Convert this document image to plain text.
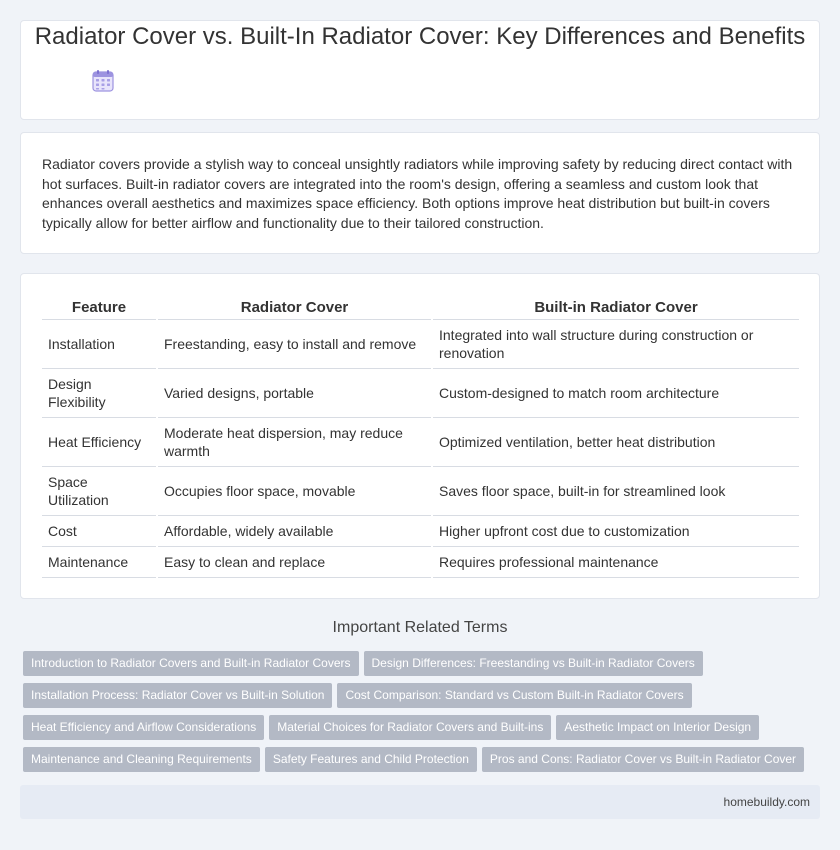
Radiator Cover vs. Built-In Radiator Cover: Key Differences and Benefits

Radiator covers provide a stylish way to conceal unsightly radiators while improving safety by reducing direct contact with hot surfaces. Built-in radiator covers are integrated into the room's design, offering a seamless and custom look that enhances overall aesthetics and maximizes space efficiency. Both options improve heat distribution but built-in covers typically allow for better airflow and functionality due to their tailored construction.

Feature	Radiator Cover	Built-in Radiator Cover
Installation	Freestanding, easy to install and remove	Integrated into wall structure during construction or renovation
Design Flexibility	Varied designs, portable	Custom-designed to match room architecture
Heat Efficiency	Moderate heat dispersion, may reduce warmth	Optimized ventilation, better heat distribution
Space Utilization	Occupies floor space, movable	Saves floor space, built-in for streamlined look
Cost	Affordable, widely available	Higher upfront cost due to customization
Maintenance	Easy to clean and replace	Requires professional maintenance
Important Related Terms
Introduction to Radiator Covers and Built-in Radiator Covers Design Differences: Freestanding vs Built-in Radiator Covers
Installation Process: Radiator Cover vs Built-in Solution Cost Comparison: Standard vs Custom Built-in Radiator Covers
Heat Efficiency and Airflow Considerations Material Choices for Radiator Covers and Built-ins Aesthetic Impact on Interior Design
Maintenance and Cleaning Requirements Safety Features and Child Protection Pros and Cons: Radiator Cover vs Built-in Radiator Cover
homebuildy.com
